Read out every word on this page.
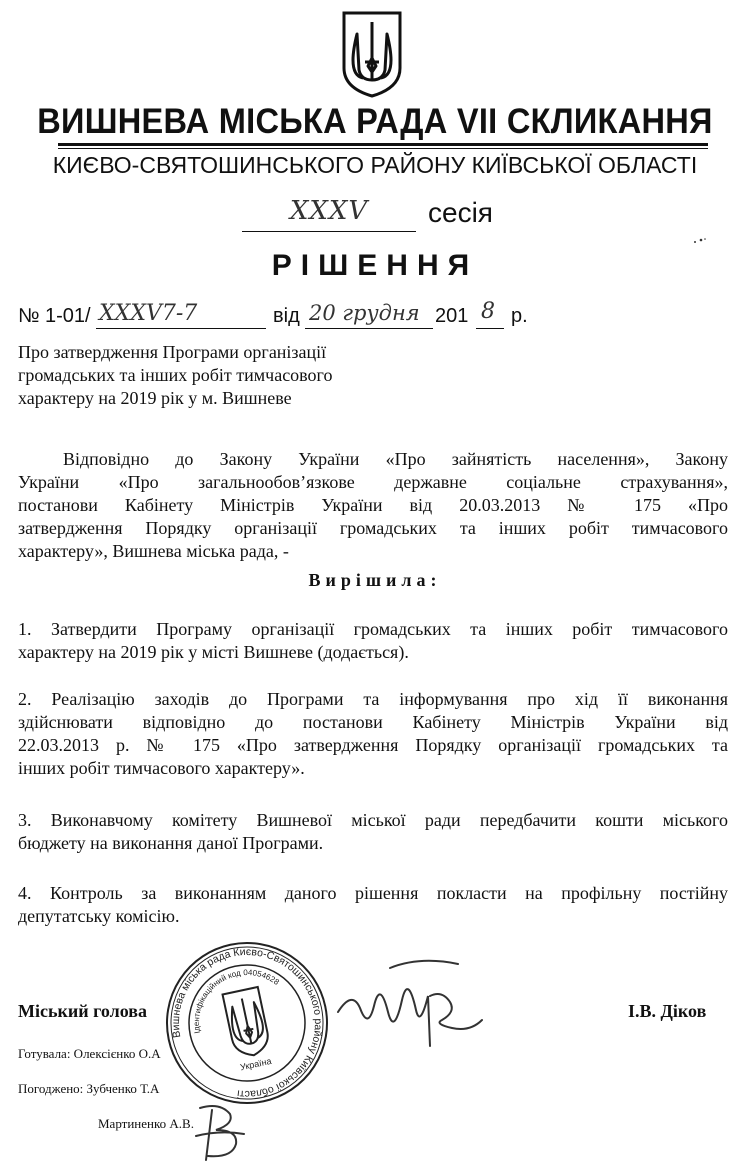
ВИШНЕВА МІСЬКА РАДА VII СКЛИКАННЯ
КИЄВО-СВЯТОШИНСЬКОГО РАЙОНУ КИЇВСЬКОЇ ОБЛАСТІ
XXXV	сесія
РІШЕННЯ
№ 1-01/ XXXV7-7	від 20 грудня 201 8 р.
Про затвердження Програми організації
громадських та інших робіт тимчасового
характеру на 2019 рік у м. Вишневе
Відповідно до Закону України «Про зайнятість населення», Закону
України «Про загальнообов’язкове державне соціальне страхування»,
постанови Кабінету Міністрів України від 20.03.2013 № 175 «Про
затвердження Порядку організації громадських та інших робіт тимчасового
характеру», Вишнева міська рада, -
Вирішила:
1. Затвердити Програму організації громадських та інших робіт тимчасового
характеру на 2019 рік у місті Вишневе (додається).
2. Реалізацію заходів до Програми та інформування про хід її виконання
здійснювати відповідно до постанови Кабінету Міністрів України від
22.03.2013 р. № 175 «Про затвердження Порядку організації громадських та
інших робіт тимчасового характеру».
3. Виконавчому комітету Вишневої міської ради передбачити кошти міського
бюджету на виконання даної Програми.
4. Контроль за виконанням даного рішення покласти на профільну постійну
депутатську комісію.
Міський голова	І.В. Діков
Готувала: Олексієнко О.А
Погоджено: Зубченко Т.А
Мартиненко А.В.
Вишнева міська рада Києво-Святошинського району Київської області
Ідентифікаційний код 04054628
Україна
